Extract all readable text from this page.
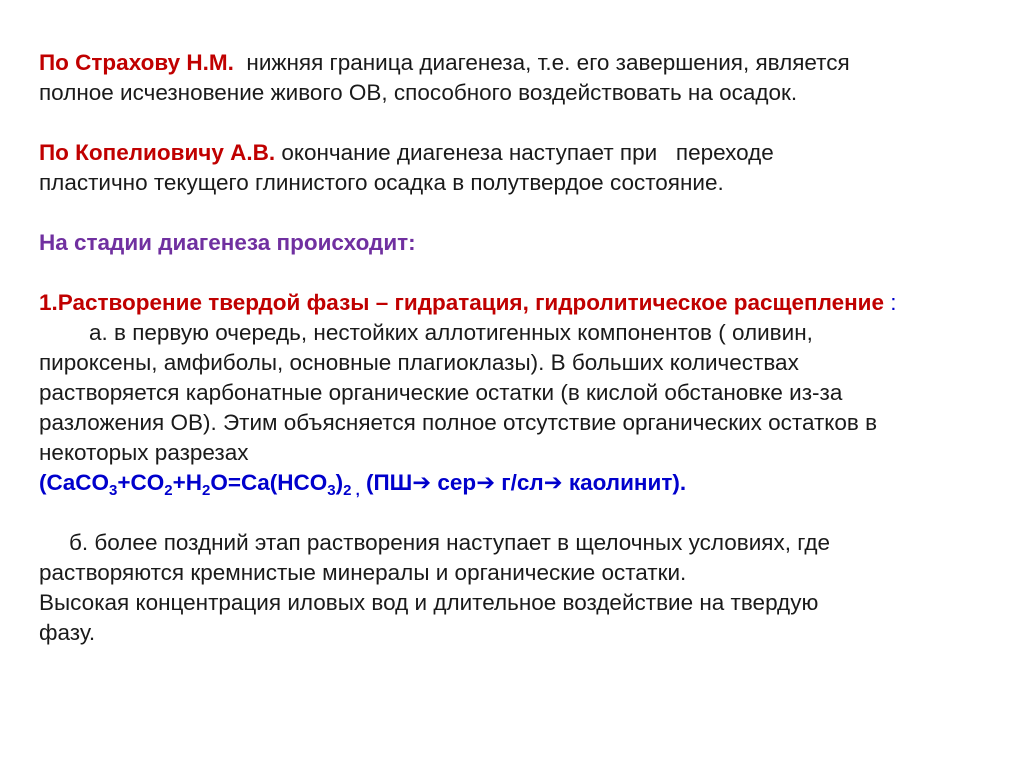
По Страхову Н.М.  нижняя граница диагенеза, т.е. его завершения, является
полное исчезновение живого ОВ, способного воздействовать на осадок.
По Копелиовичу А.В. окончание диагенеза наступает при   переходе
пластично текущего глинистого осадка в полутвердое состояние.
На стадии диагенеза происходит:
1.Растворение твердой фазы – гидратация, гидролитическое расщепление :
а. в первую очередь, нестойких аллотигенных компонентов ( оливин,
пироксены, амфиболы, основные плагиоклазы). В больших количествах
растворяется карбонатные органические остатки (в кислой обстановке из-за
разложения ОВ). Этим объясняется полное отсутствие органических остатков в
некоторых разрезах
($CaCO_3+CO_2+H_2O=Ca(HCO_3)_{2 ,}$ (ПШ➔ сер➔ г/сл➔ каолинит).
б. более поздний этап растворения наступает в щелочных условиях, где
растворяются кремнистые минералы и органические остатки.
Высокая концентрация иловых вод и длительное воздействие на твердую
фазу.
